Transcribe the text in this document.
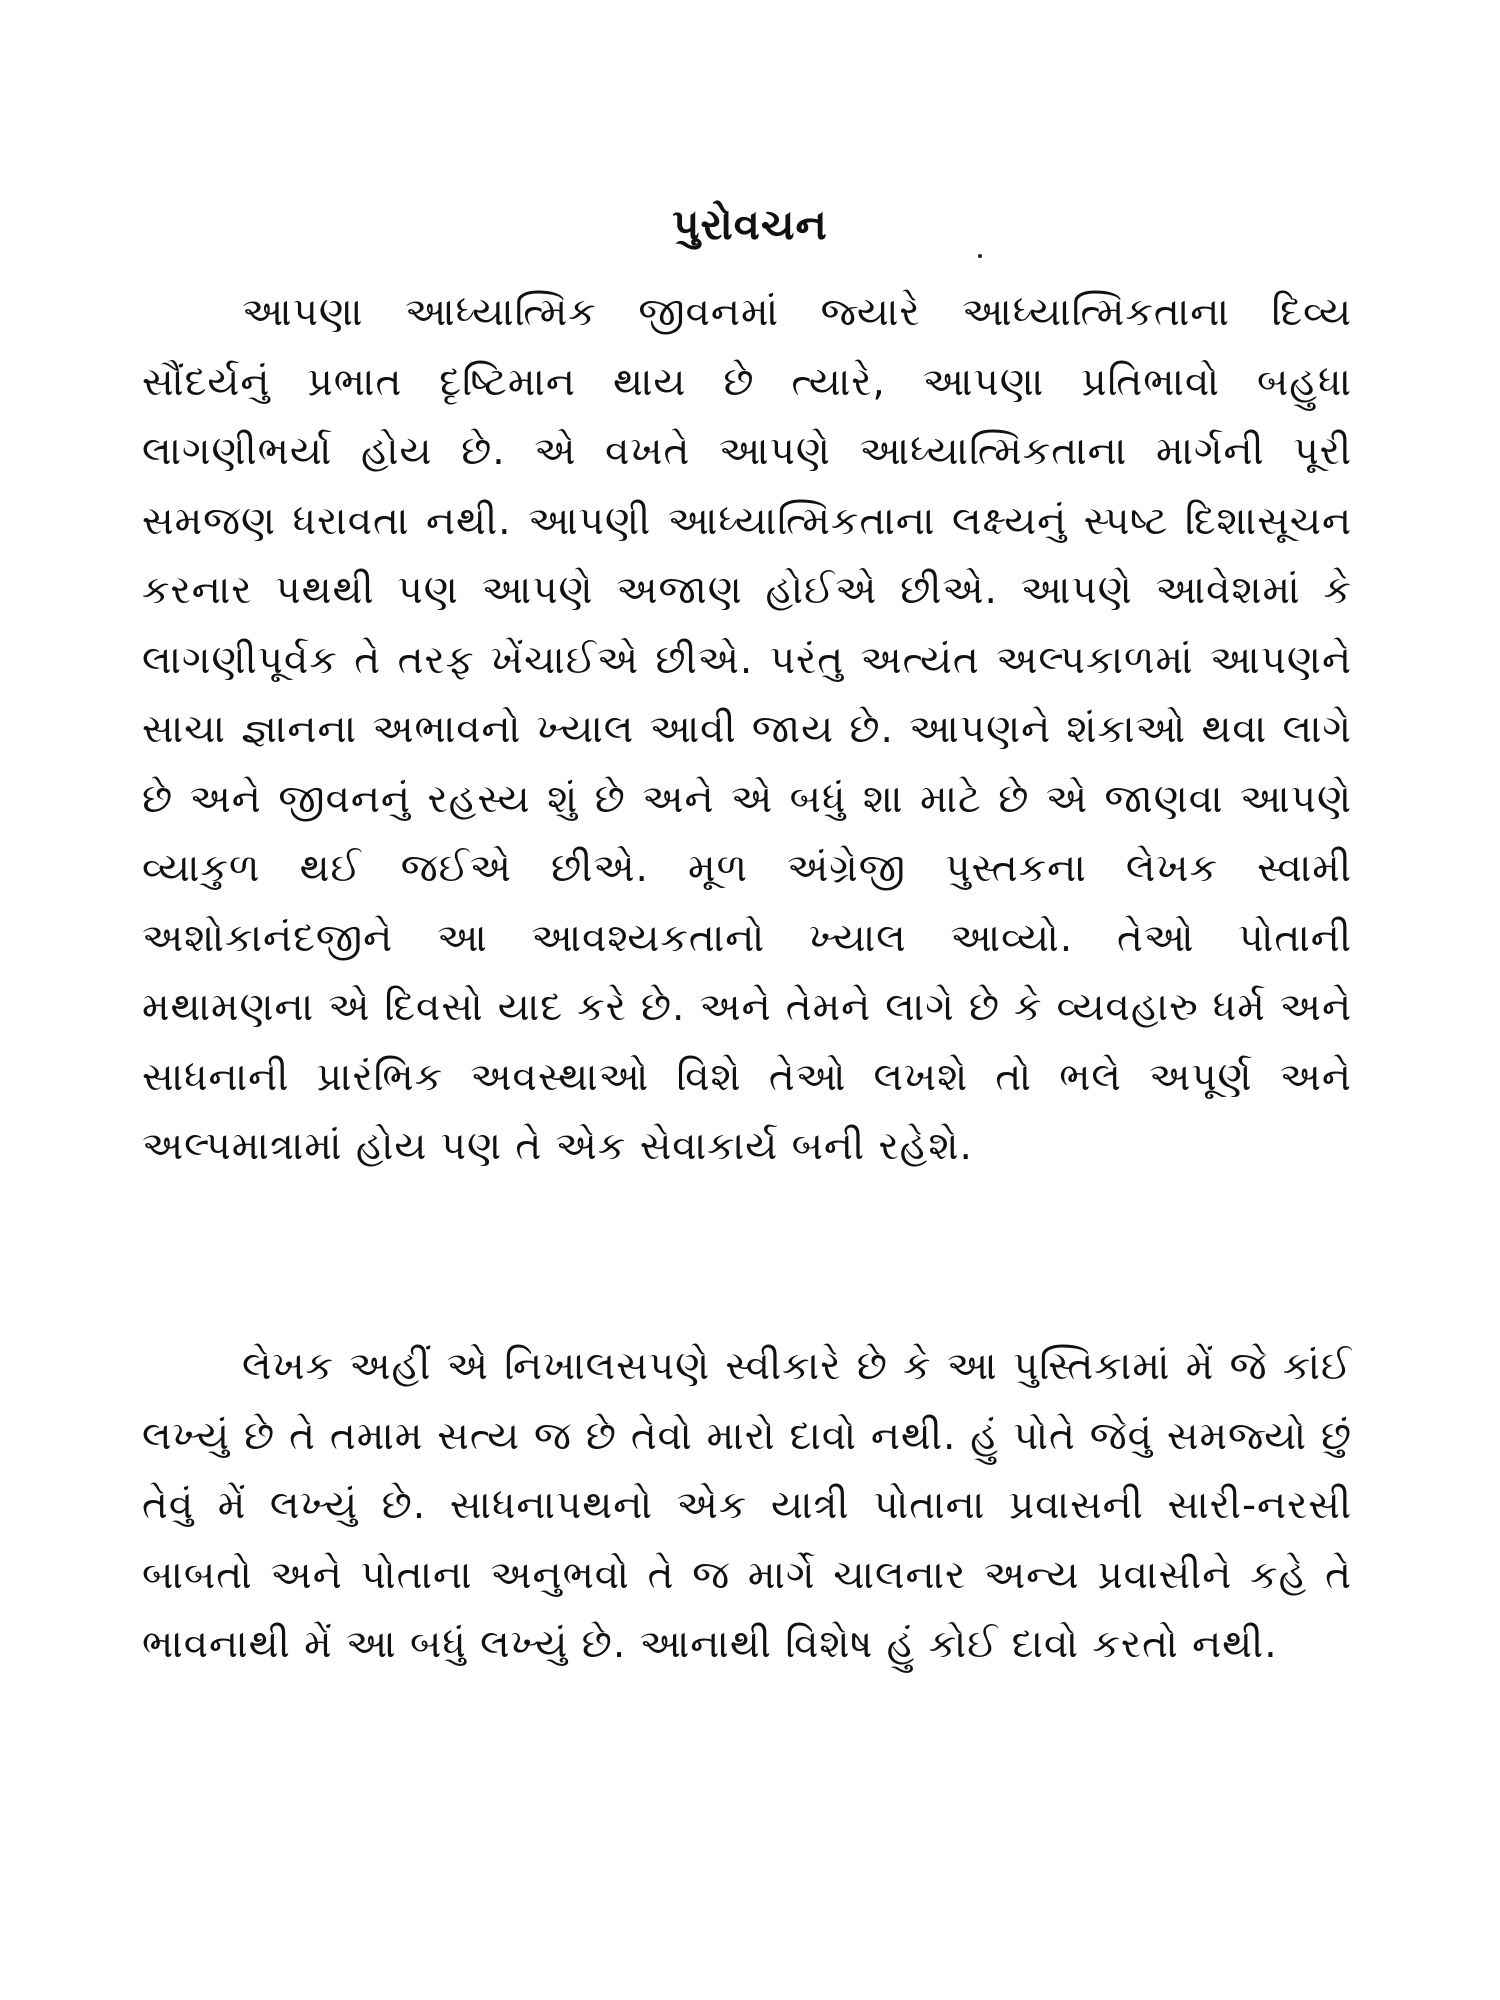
પુરોવચન

આપણા આધ્યાત્મિક જીવનમાં જ્યારે આધ્યાત્મિકતાના દિવ્ય સૌંદર્યનું પ્રભાત દૃષ્ટિમાન થાય છે ત્યારે, આપણા પ્રતિભાવો બહુધા લાગણીભર્યા હોય છે. એ વખતે આપણે આધ્યાત્મિકતાના માર્ગની પૂરી સમજણ ધરાવતા નથી. આપણી આધ્યાત્મિકતાના લક્ષ્યનું સ્પષ્ટ દિશાસૂચન કરનાર પથથી પણ આપણે અજાણ હોઈએ છીએ. આપણે આવેશમાં કે લાગણીપૂર્વક તે તરફ ખેંચાઈએ છીએ. પરંતુ અત્યંત અલ્પકાળમાં આપણને સાચા જ્ઞાનના અભાવનો ખ્યાલ આવી જાય છે. આપણને શંકાઓ થવા લાગે છે અને જીવનનું રહસ્ય શું છે અને એ બધું શા માટે છે એ જાણવા આપણે વ્યાકુળ થઈ જઈએ છીએ. મૂળ અંગ્રેજી પુસ્તકના લેખક સ્વામી અશોકાનંદજીને આ આવશ્યકતાનો ખ્યાલ આવ્યો. તેઓ પોતાની મથામણના એ દિવસો યાદ કરે છે. અને તેમને લાગે છે કે વ્યવહારુ ધર્મ અને સાધનાની પ્રારંભિક અવસ્થાઓ વિશે તેઓ લખશે તો ભલે અપૂર્ણ અને અલ્પમાત્રામાં હોય પણ તે એક સેવાકાર્ય બની રહેશે.

લેખક અહીં એ નિખાલસપણે સ્વીકારે છે કે આ પુસ્તિકામાં મેં જે કાંઈ લખ્યું છે તે તમામ સત્ય જ છે તેવો મારો દાવો નથી. હું પોતે જેવું સમજ્યો છું તેવું મેં લખ્યું છે. સાધનાપથનો એક યાત્રી પોતાના પ્રવાસની સારી-નરસી બાબતો અને પોતાના અનુભવો તે જ માર્ગે ચાલનાર અન્ય પ્રવાસીને કહે તે ભાવનાથી મેં આ બધું લખ્યું છે. આનાથી વિશેષ હું કોઈ દાવો કરતો નથી.
